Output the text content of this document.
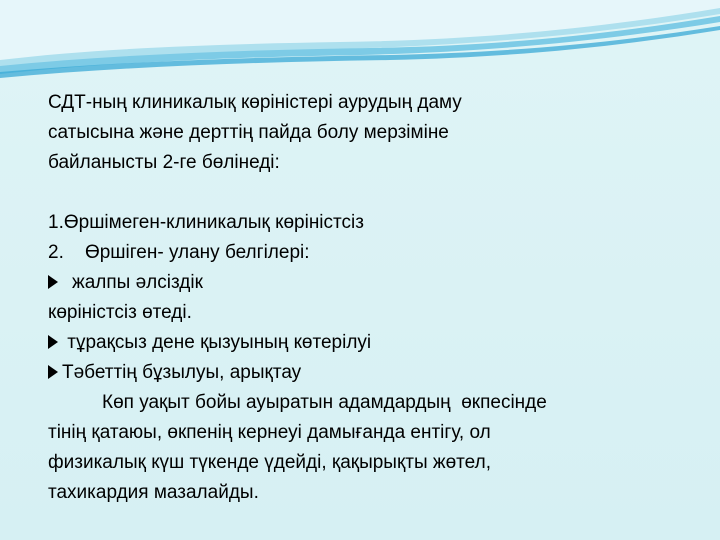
СДТ-ның клиникалық көріністері аурудың даму
сатысына және дерттің пайда болу мерзіміне
байланысты 2-ге бөлінеді:
1.Өршімеген-клиникалық көріністсіз
2.    Өршіген- улану белгілері:
жалпы әлсіздік
көріністсіз өтеді.
тұрақсыз дене қызуының көтерілуі
Тәбеттің бұзылуы, арықтау
Көп уақыт бойы ауыратын адамдардың  өкпесінде
тінің қатаюы, өкпенің кернеуі дамығанда ентігу, ол
физикалық күш түкенде үдейді, қақырықты жөтел,
тахикардия мазалайды.
